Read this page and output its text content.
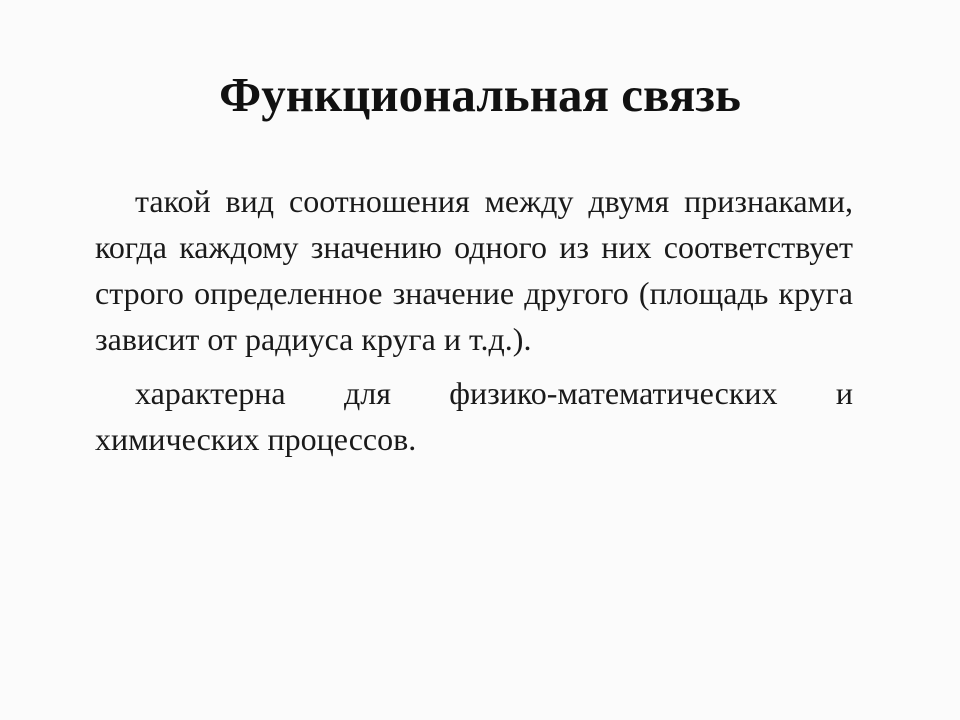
Функциональная связь

такой вид соотношения между двумя признаками, когда каждому значению одного из них соответствует строго определенное значение другого (площадь круга зависит от радиуса круга и т.д.).

характерна для физико-математических и химических процессов.
